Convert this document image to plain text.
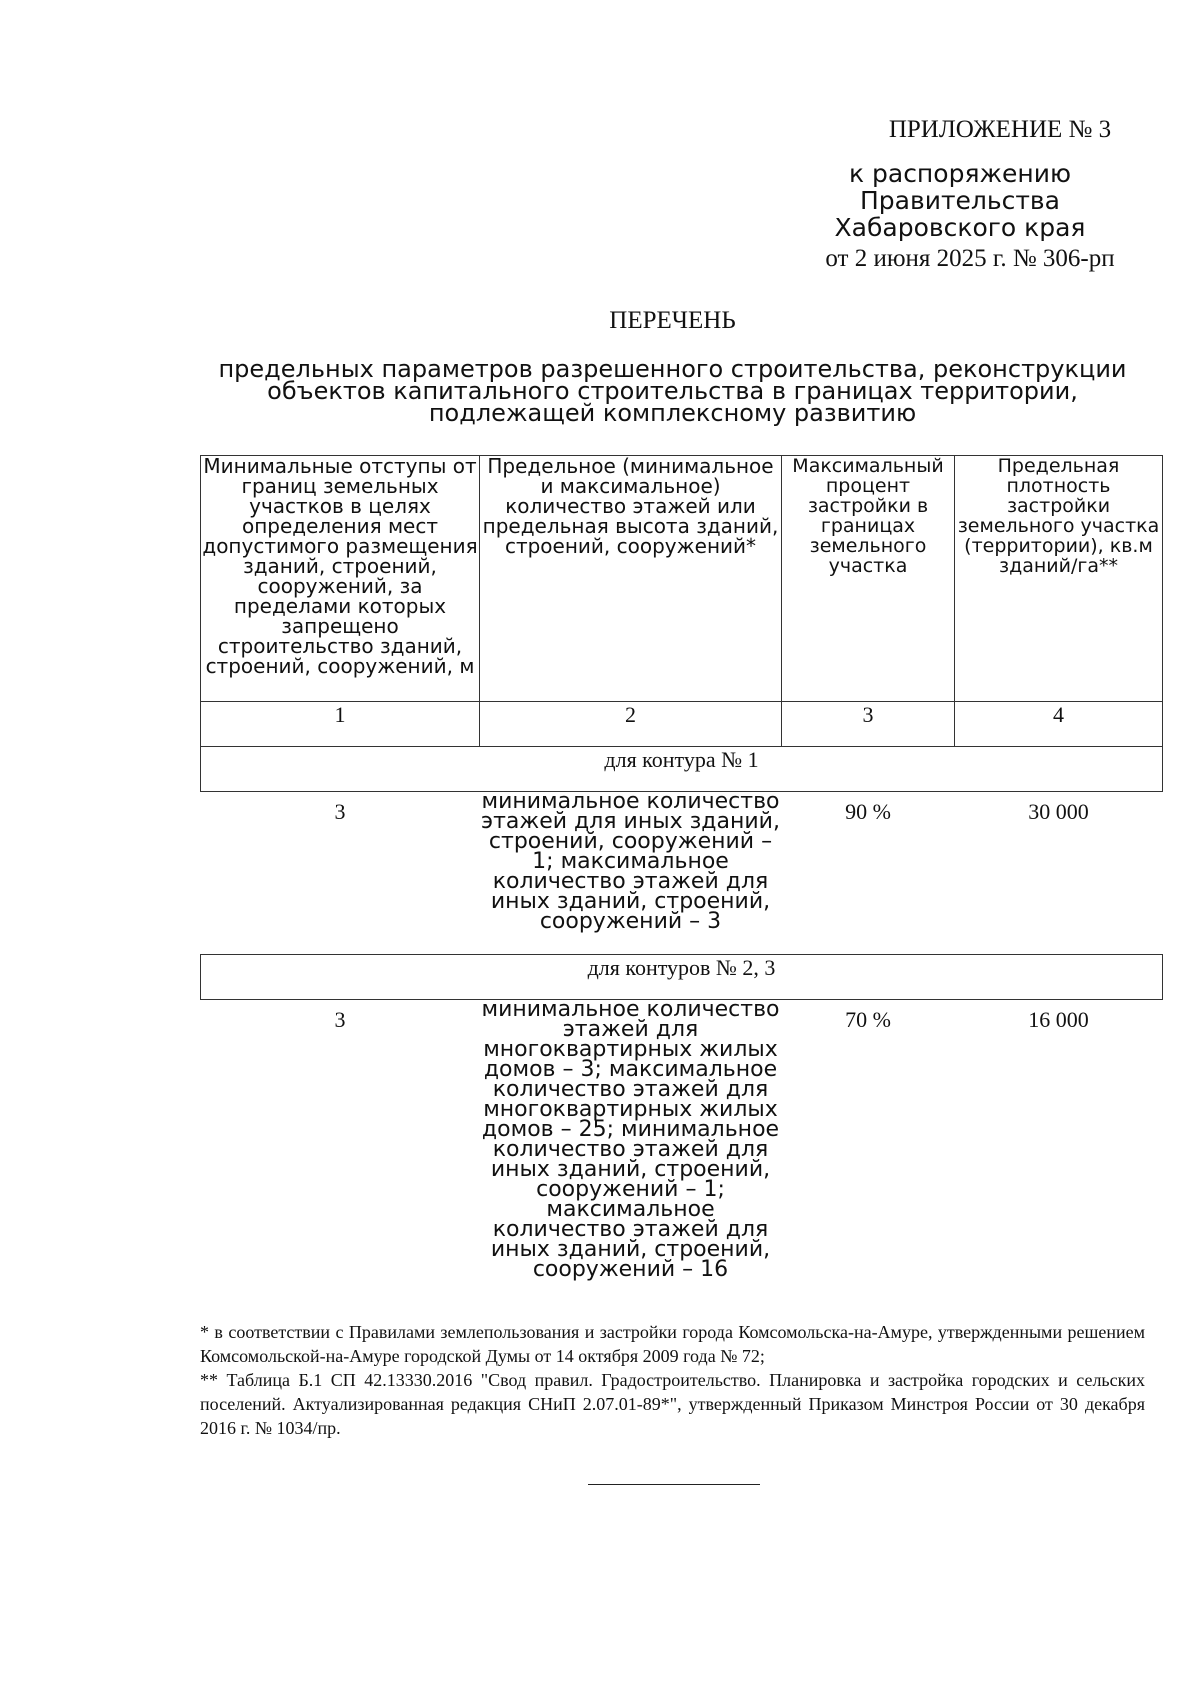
ПРИЛОЖЕНИЕ № 3
к распоряжению
Правительства
Хабаровского края
от 2 июня 2025 г. № 306-рп
ПЕРЕЧЕНЬ
предельных параметров разрешенного строительства, реконструкции объектов капитального строительства в границах территории, подлежащей комплексному развитию
Минимальные отступы от границ земельных участков в целях определения мест допустимого размещения зданий, строений, сооружений, за пределами которых запрещено строительство зданий, строений, сооружений, м	Предельное (минимальное и максимальное) количество этажей или предельная высота зданий, строений, сооружений*	Максимальный процент застройки в границах земельного участка	Предельная плотность застройки земельного участка (территории), кв.м зданий/га**
1	2	3	4
для контура № 1			
3	минимальное количество этажей для иных зданий, строений, сооружений – 1; максимальное количество этажей для иных зданий, строений, сооружений – 3	90 %	30 000

для контуров № 2, 3			
3	минимальное количество этажей для многоквартирных жилых домов – 3; максимальное количество этажей для многоквартирных жилых домов – 25; минимальное количество этажей для иных зданий, строений, сооружений – 1; максимальное количество этажей для иных зданий, строений, сооружений – 16	70 %	16 000

* в соответствии с Правилами землепользования и застройки города Комсомольска-на-Амуре, утвержденными решением Комсомольской-на-Амуре городской Думы от 14 октября 2009 года № 72;

** Таблица Б.1 СП 42.13330.2016 "Свод правил. Градостроительство. Планировка и застройка городских и сельских поселений. Актуализированная редакция СНиП 2.07.01-89*", утвержденный Приказом Минстроя России от 30 декабря 2016 г. № 1034/пр.
